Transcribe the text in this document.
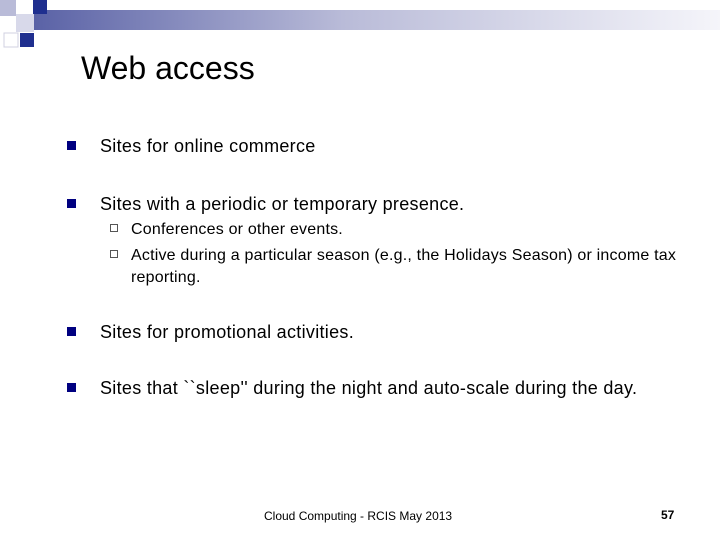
Web access
Sites for online commerce
Sites with a periodic or temporary presence.
Conferences or other events.
Active during a particular season (e.g., the Holidays Season) or income tax reporting.
Sites for promotional activities.
Sites that ``sleep'' during the night and auto-scale during the day.
Cloud Computing - RCIS May 2013	57
